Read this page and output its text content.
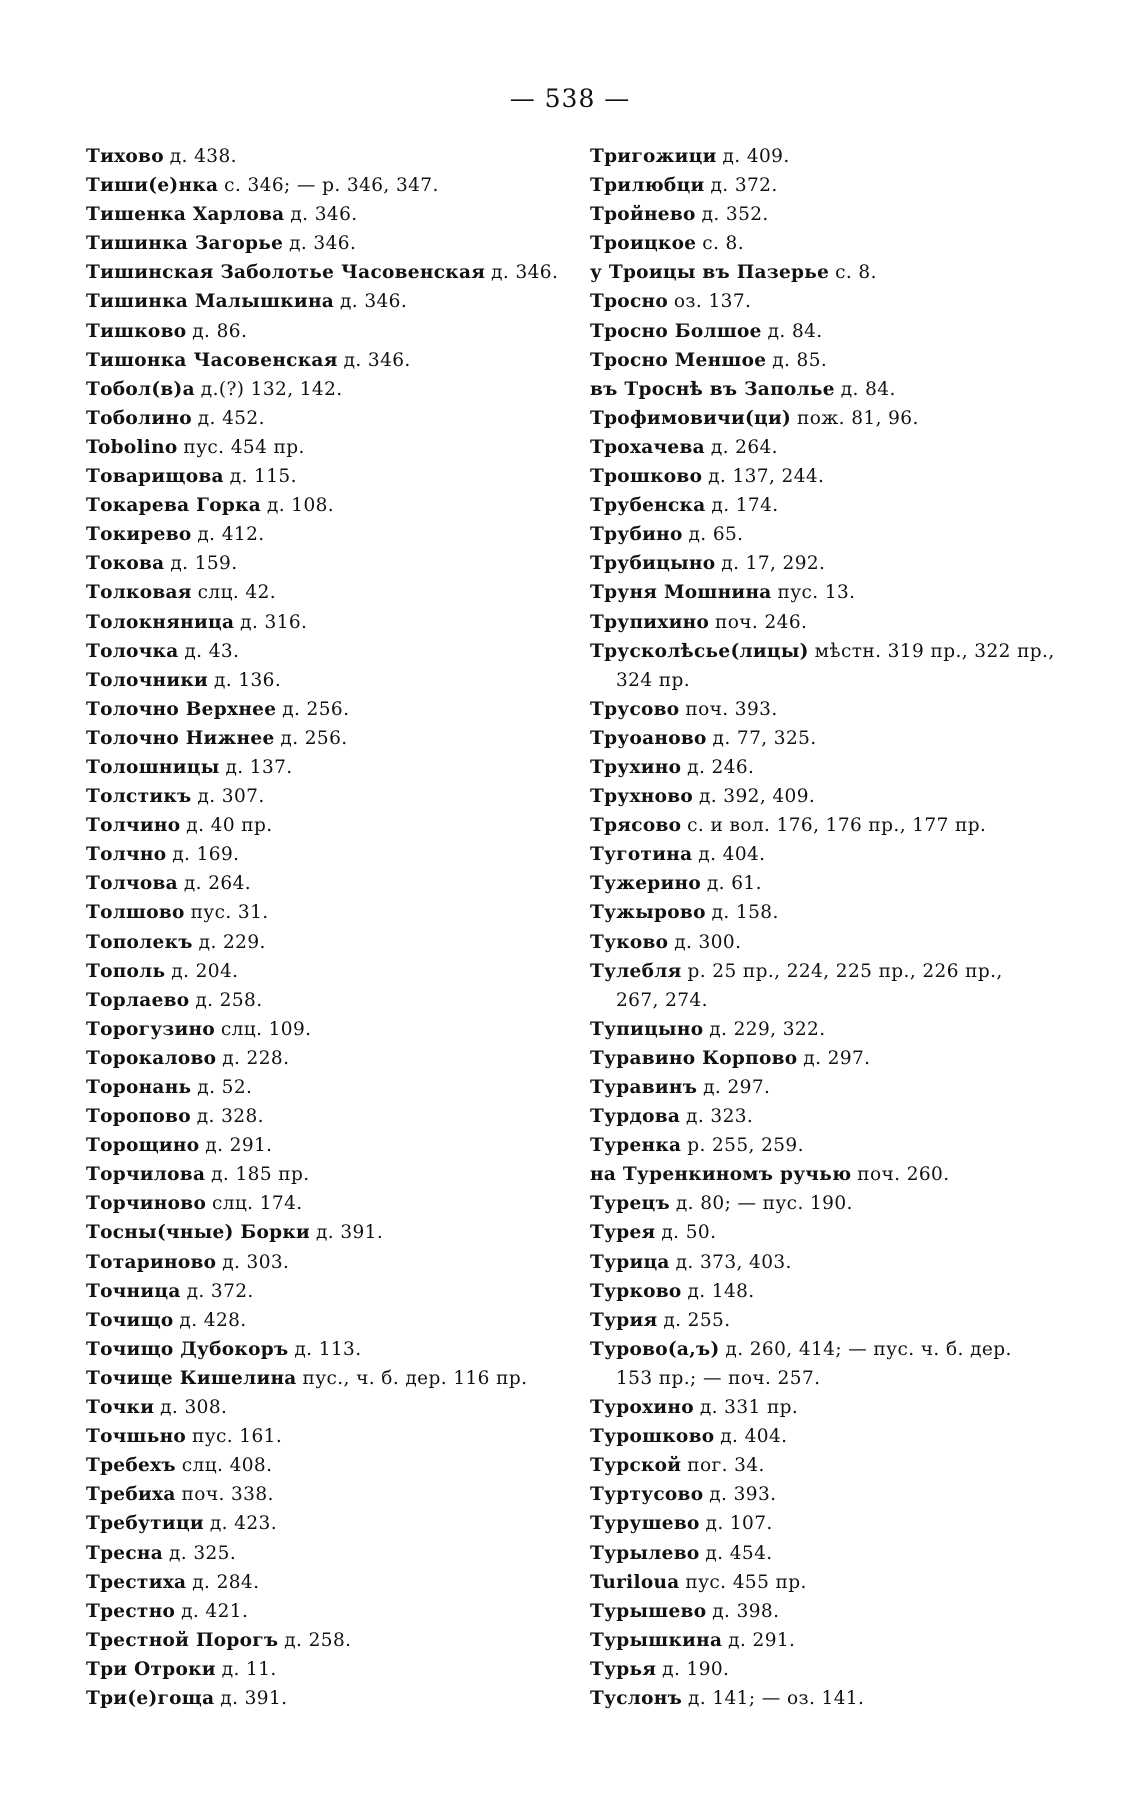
— 538 —
Тихово д. 438.
Тиши(е)нка с. 346; — р. 346, 347.
Тишенка Харлова д. 346.
Тишинка Загорье д. 346.
Тишинская Заболотье Часовенская д. 346.
Тишинка Малышкина д. 346.
Тишково д. 86.
Тишонка Часовенская д. 346.
Тобол(в)а д.(?) 132, 142.
Тоболино д. 452.
Tobolino пус. 454 пр.
Товарищова д. 115.
Токарева Горка д. 108.
Токирево д. 412.
Токова д. 159.
Толковая слц. 42.
Толокняница д. 316.
Толочка д. 43.
Толочники д. 136.
Толочно Верхнее д. 256.
Толочно Нижнее д. 256.
Толошницы д. 137.
Толстикъ д. 307.
Толчино д. 40 пр.
Толчно д. 169.
Толчова д. 264.
Толшово пус. 31.
Тополекъ д. 229.
Тополь д. 204.
Торлаево д. 258.
Торогузино слц. 109.
Торокалово д. 228.
Торонань д. 52.
Торопово д. 328.
Торощино д. 291.
Торчилова д. 185 пр.
Торчиново слц. 174.
Тосны(чные) Борки д. 391.
Тотариново д. 303.
Точница д. 372.
Точищо д. 428.
Точищо Дубокоръ д. 113.
Точище Кишелина пус., ч. б. дер. 116 пр.
Точки д. 308.
Точшьно пус. 161.
Требехъ слц. 408.
Требиха поч. 338.
Требутици д. 423.
Тресна д. 325.
Трестиха д. 284.
Трестно д. 421.
Трестной Порогъ д. 258.
Три Отроки д. 11.
Три(е)гоща д. 391.
Тригожици д. 409.
Трилюбци д. 372.
Тройнево д. 352.
Троицкое с. 8.
у Троицы въ Пазерье с. 8.
Тросно оз. 137.
Тросно Болшое д. 84.
Тросно Меншое д. 85.
въ Троснѣ въ Заполье д. 84.
Трофимовичи(ци) пож. 81, 96.
Трохачева д. 264.
Трошково д. 137, 244.
Трубенска д. 174.
Трубино д. 65.
Трубицыно д. 17, 292.
Труня Мошнина пус. 13.
Трупихино поч. 246.
Трусколѣсье(лицы) мѣстн. 319 пр., 322 пр.,
324 пр.
Трусово поч. 393.
Труоаново д. 77, 325.
Трухино д. 246.
Трухново д. 392, 409.
Трясово с. и вол. 176, 176 пр., 177 пр.
Туготина д. 404.
Тужерино д. 61.
Тужырово д. 158.
Туково д. 300.
Тулебля р. 25 пр., 224, 225 пр., 226 пр.,
267, 274.
Тупицыно д. 229, 322.
Туравино Корпово д. 297.
Туравинъ д. 297.
Турдова д. 323.
Туренка р. 255, 259.
на Туренкиномъ ручью поч. 260.
Турецъ д. 80; — пус. 190.
Турея д. 50.
Турица д. 373, 403.
Турково д. 148.
Турия д. 255.
Турово(а,ъ) д. 260, 414; — пус. ч. б. дер.
153 пр.; — поч. 257.
Турохино д. 331 пр.
Турошково д. 404.
Турской пог. 34.
Туртусово д. 393.
Турушево д. 107.
Турылево д. 454.
Turilоua пус. 455 пр.
Турышево д. 398.
Турышкина д. 291.
Турья д. 190.
Туслонъ д. 141; — оз. 141.
